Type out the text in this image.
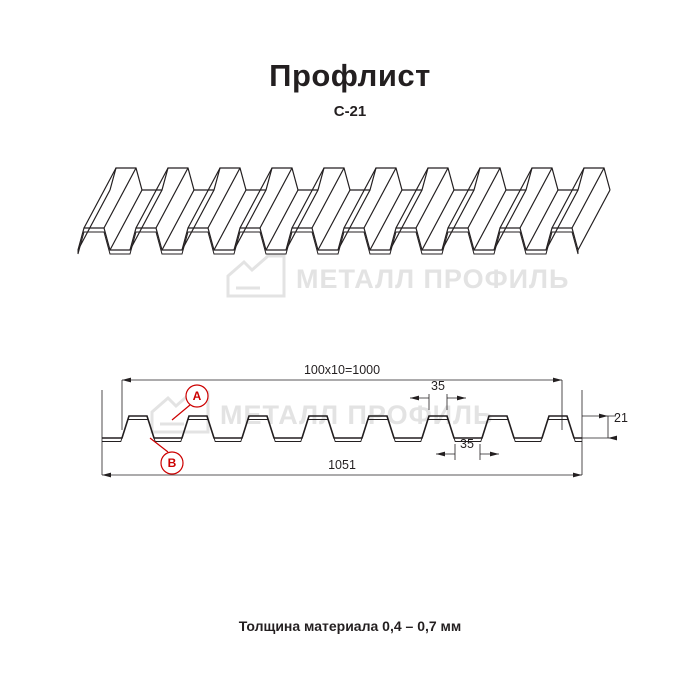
МЕТАЛЛ ПРОФИЛЬ
МЕТАЛЛ ПРОФИЛЬ
Профлист
С-21
100x10=1000
1051
21
35
35
A
B
Толщина материала 0,4 – 0,7 мм
